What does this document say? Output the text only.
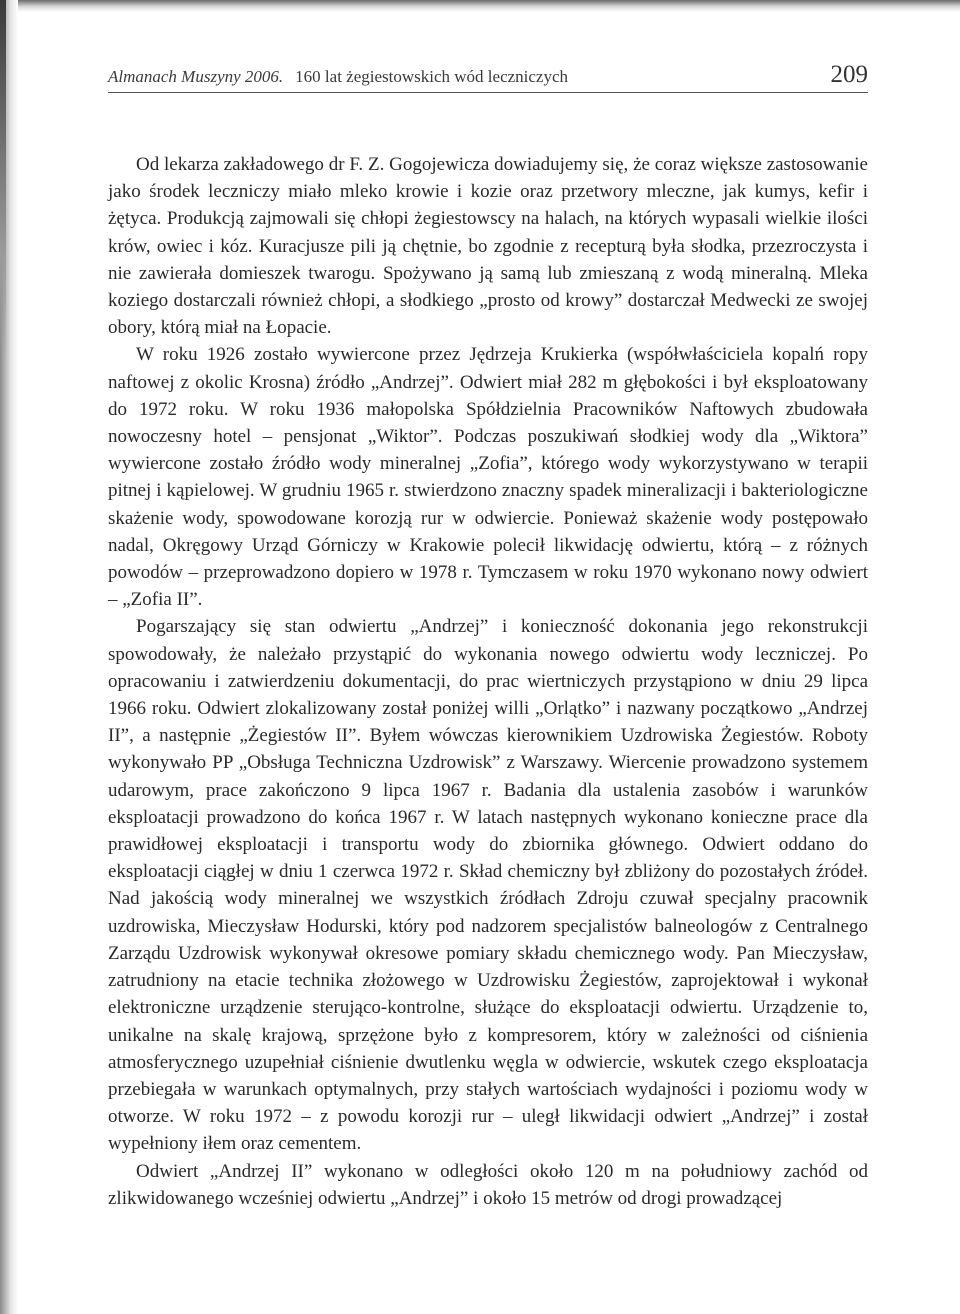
Almanach Muszyny 2006. 160 lat żegiestowskich wód leczniczych	209

Od lekarza zakładowego dr F. Z. Gogojewicza dowiadujemy się, że coraz większe zastosowanie jako środek leczniczy miało mleko krowie i kozie oraz przetwory mleczne, jak kumys, kefir i żętyca. Produkcją zajmowali się chłopi żegiestowscy na halach, na których wypasali wielkie ilości krów, owiec i kóz. Kuracjusze pili ją chętnie, bo zgodnie z recepturą była słodka, przezroczysta i nie zawierała domieszek twarogu. Spożywano ją samą lub zmieszaną z wodą mineralną. Mleka koziego dostarczali również chłopi, a słodkiego „prosto od krowy” dostarczał Medwecki ze swojej obory, którą miał na Łopacie.

W roku 1926 zostało wywiercone przez Jędrzeja Krukierka (współwłaściciela kopalń ropy naftowej z okolic Krosna) źródło „Andrzej”. Odwiert miał 282 m głębokości i był eksploatowany do 1972 roku. W roku 1936 małopolska Spółdzielnia Pracowników Naftowych zbudowała nowoczesny hotel – pensjonat „Wiktor”. Podczas poszukiwań słodkiej wody dla „Wiktora” wywiercone zostało źródło wody mineralnej „Zofia”, którego wody wykorzystywano w terapii pitnej i kąpielowej. W grudniu 1965 r. stwierdzono znaczny spadek mineralizacji i bakteriologiczne skażenie wody, spowodowane korozją rur w odwiercie. Ponieważ skażenie wody postępowało nadal, Okręgowy Urząd Górniczy w Krakowie polecił likwidację odwiertu, którą – z różnych powodów – przeprowadzono dopiero w 1978 r. Tymczasem w roku 1970 wykonano nowy odwiert – „Zofia II”.

Pogarszający się stan odwiertu „Andrzej” i konieczność dokonania jego rekonstrukcji spowodowały, że należało przystąpić do wykonania nowego odwiertu wody leczniczej. Po opracowaniu i zatwierdzeniu dokumentacji, do prac wiertniczych przystąpiono w dniu 29 lipca 1966 roku. Odwiert zlokalizowany został poniżej willi „Orlątko” i nazwany początkowo „Andrzej II”, a następnie „Żegiestów II”. Byłem wówczas kierownikiem Uzdrowiska Żegiestów. Roboty wykonywało PP „Obsługa Techniczna Uzdrowisk” z Warszawy. Wiercenie prowadzono systemem udarowym, prace zakończono 9 lipca 1967 r. Badania dla ustalenia zasobów i warunków eksploatacji prowadzono do końca 1967 r. W latach następnych wykonano konieczne prace dla prawidłowej eksploatacji i transportu wody do zbiornika głównego. Odwiert oddano do eksploatacji ciągłej w dniu 1 czerwca 1972 r. Skład chemiczny był zbliżony do pozostałych źródeł. Nad jakością wody mineralnej we wszystkich źródłach Zdroju czuwał specjalny pracownik uzdrowiska, Mieczysław Hodurski, który pod nadzorem specjalistów balneologów z Centralnego Zarządu Uzdrowisk wykonywał okresowe pomiary składu chemicznego wody. Pan Mieczysław, zatrudniony na etacie technika złożowego w Uzdrowisku Żegiestów, zaprojektował i wykonał elektroniczne urządzenie sterująco-kontrolne, służące do eksploatacji odwiertu. Urządzenie to, unikalne na skalę krajową, sprzężone było z kompresorem, który w zależności od ciśnienia atmosferycznego uzupełniał ciśnienie dwutlenku węgla w odwiercie, wskutek czego eksploatacja przebiegała w warunkach optymalnych, przy stałych wartościach wydajności i poziomu wody w otworze. W roku 1972 – z powodu korozji rur – uległ likwidacji odwiert „Andrzej” i został wypełniony iłem oraz cementem.

Odwiert „Andrzej II” wykonano w odległości około 120 m na południowy zachód od zlikwidowanego wcześniej odwiertu „Andrzej” i około 15 metrów od drogi prowadzącej
